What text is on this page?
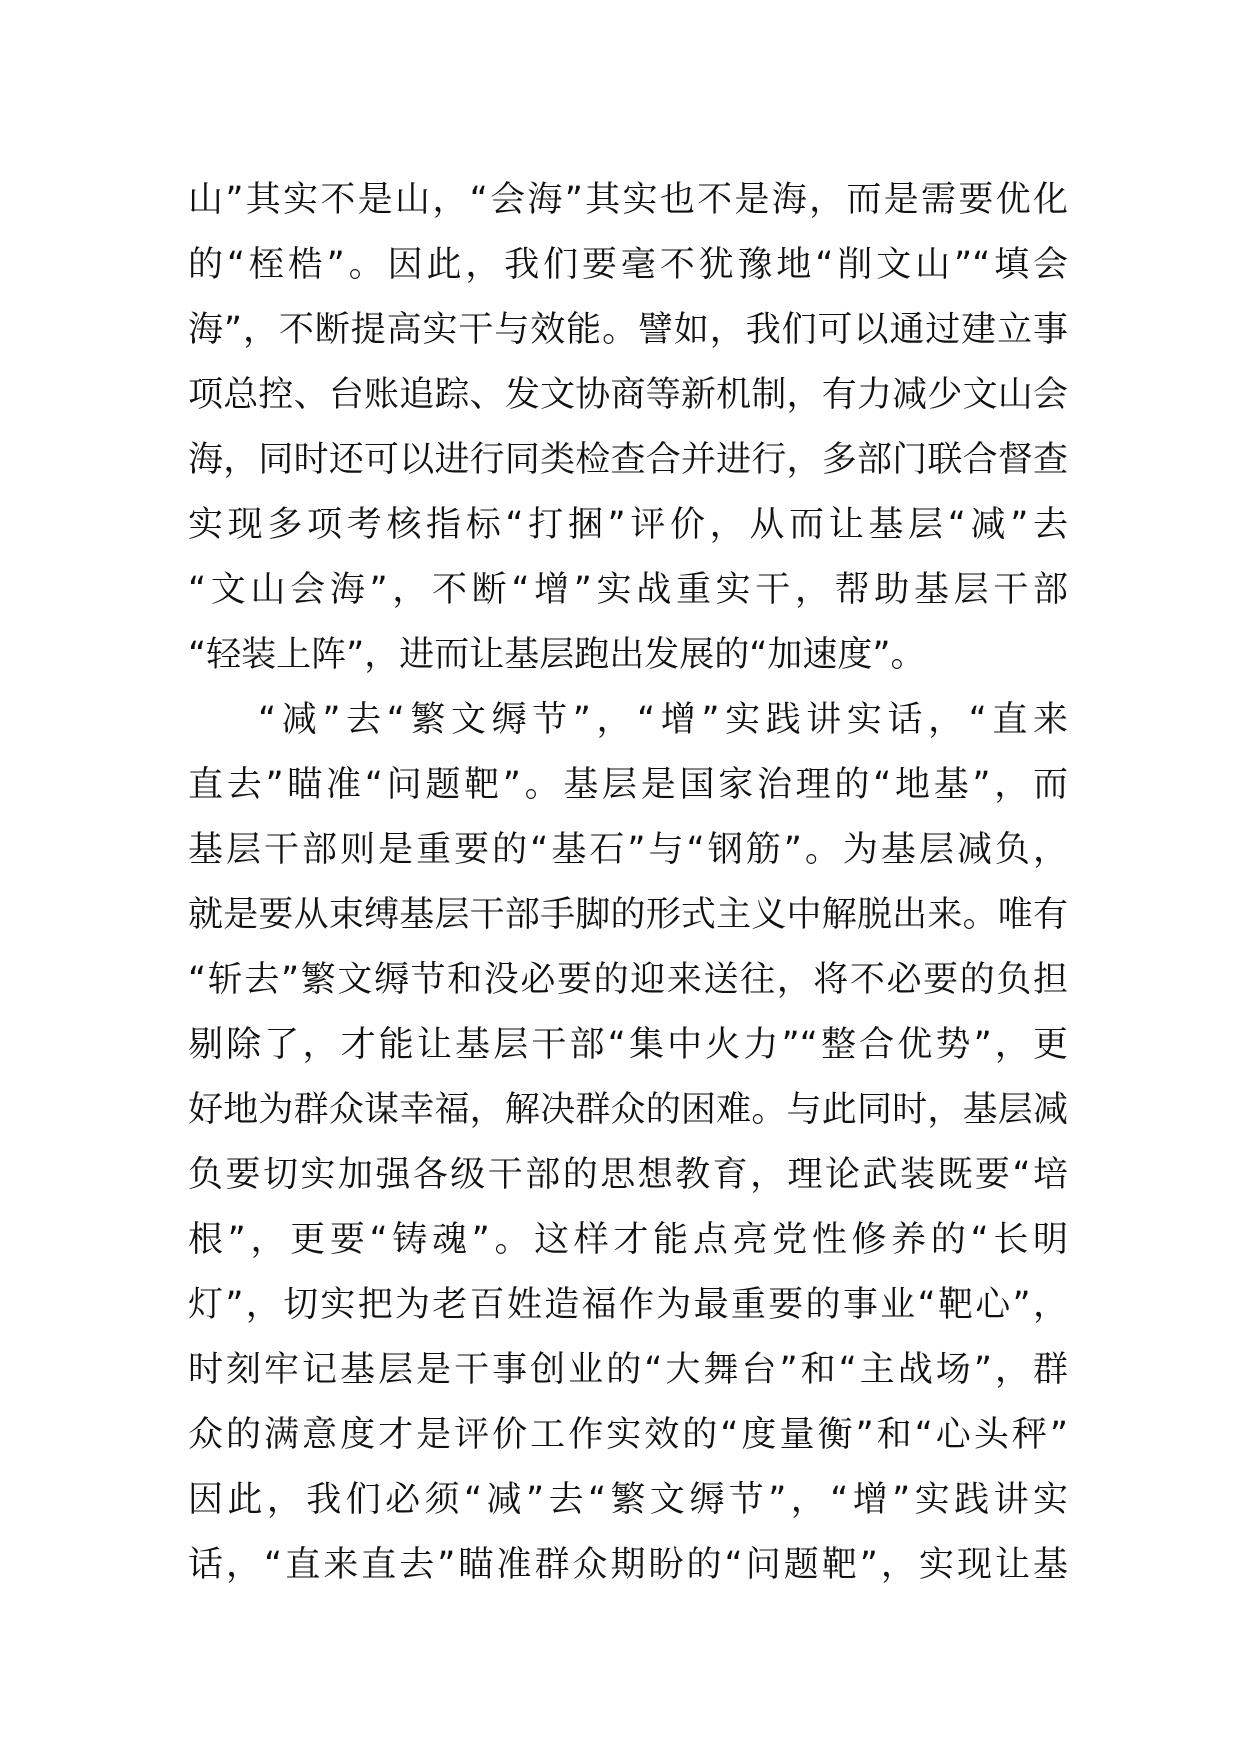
山”其实不是山，“会海”其实也不是海，而是需要优化
的“桎梏”。因此，我们要毫不犹豫地“削文山”“填会
海”，不断提高实干与效能。譬如，我们可以通过建立事
项总控、台账追踪、发文协商等新机制，有力减少文山会
海，同时还可以进行同类检查合并进行，多部门联合督查
实现多项考核指标“打捆”评价，从而让基层“减”去
“文山会海”，不断“增”实战重实干，帮助基层干部
“轻装上阵”，进而让基层跑出发展的“加速度”。
“减”去“繁文缛节”，“增”实践讲实话，“直来
直去”瞄准“问题靶”。基层是国家治理的“地基”，而
基层干部则是重要的“基石”与“钢筋”。为基层减负，
就是要从束缚基层干部手脚的形式主义中解脱出来。唯有
“斩去”繁文缛节和没必要的迎来送往，将不必要的负担
剔除了，才能让基层干部“集中火力”“整合优势”，更
好地为群众谋幸福，解决群众的困难。与此同时，基层减
负要切实加强各级干部的思想教育，理论武装既要“培
根”，更要“铸魂”。这样才能点亮党性修养的“长明
灯”，切实把为老百姓造福作为最重要的事业“靶心”，
时刻牢记基层是干事创业的“大舞台”和“主战场”，群
众的满意度才是评价工作实效的“度量衡”和“心头秤”
因此，我们必须“减”去“繁文缛节”，“增”实践讲实
话，“直来直去”瞄准群众期盼的“问题靶”，实现让基
